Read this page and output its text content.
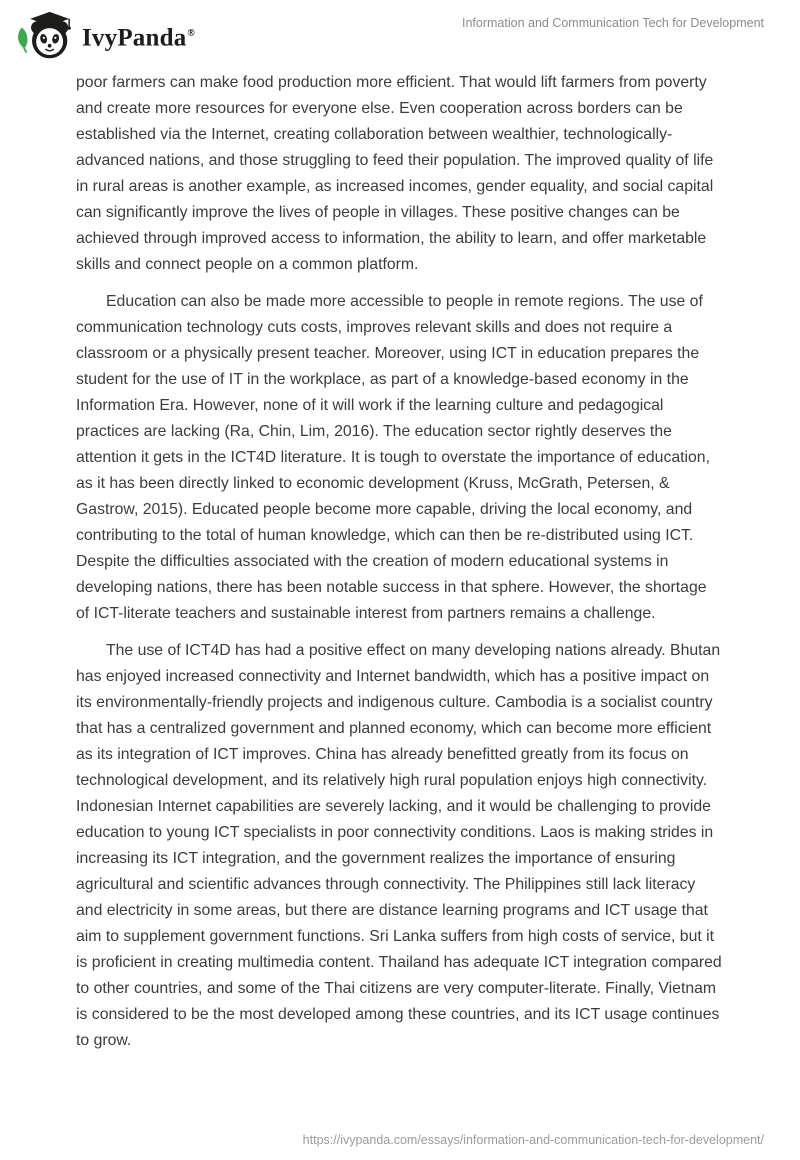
IvyPanda®
Information and Communication Tech for Development

poor farmers can make food production more efficient. That would lift farmers from poverty and create more resources for everyone else. Even cooperation across borders can be established via the Internet, creating collaboration between wealthier, technologically-advanced nations, and those struggling to feed their population. The improved quality of life in rural areas is another example, as increased incomes, gender equality, and social capital can significantly improve the lives of people in villages. These positive changes can be achieved through improved access to information, the ability to learn, and offer marketable skills and connect people on a common platform.

Education can also be made more accessible to people in remote regions. The use of communication technology cuts costs, improves relevant skills and does not require a classroom or a physically present teacher. Moreover, using ICT in education prepares the student for the use of IT in the workplace, as part of a knowledge-based economy in the Information Era. However, none of it will work if the learning culture and pedagogical practices are lacking (Ra, Chin, Lim, 2016). The education sector rightly deserves the attention it gets in the ICT4D literature. It is tough to overstate the importance of education, as it has been directly linked to economic development (Kruss, McGrath, Petersen, & Gastrow, 2015). Educated people become more capable, driving the local economy, and contributing to the total of human knowledge, which can then be re-distributed using ICT. Despite the difficulties associated with the creation of modern educational systems in developing nations, there has been notable success in that sphere. However, the shortage of ICT-literate teachers and sustainable interest from partners remains a challenge.

The use of ICT4D has had a positive effect on many developing nations already. Bhutan has enjoyed increased connectivity and Internet bandwidth, which has a positive impact on its environmentally-friendly projects and indigenous culture. Cambodia is a socialist country that has a centralized government and planned economy, which can become more efficient as its integration of ICT improves. China has already benefitted greatly from its focus on technological development, and its relatively high rural population enjoys high connectivity. Indonesian Internet capabilities are severely lacking, and it would be challenging to provide education to young ICT specialists in poor connectivity conditions. Laos is making strides in increasing its ICT integration, and the government realizes the importance of ensuring agricultural and scientific advances through connectivity. The Philippines still lack literacy and electricity in some areas, but there are distance learning programs and ICT usage that aim to supplement government functions. Sri Lanka suffers from high costs of service, but it is proficient in creating multimedia content. Thailand has adequate ICT integration compared to other countries, and some of the Thai citizens are very computer-literate. Finally, Vietnam is considered to be the most developed among these countries, and its ICT usage continues to grow.

https://ivypanda.com/essays/information-and-communication-tech-for-development/
